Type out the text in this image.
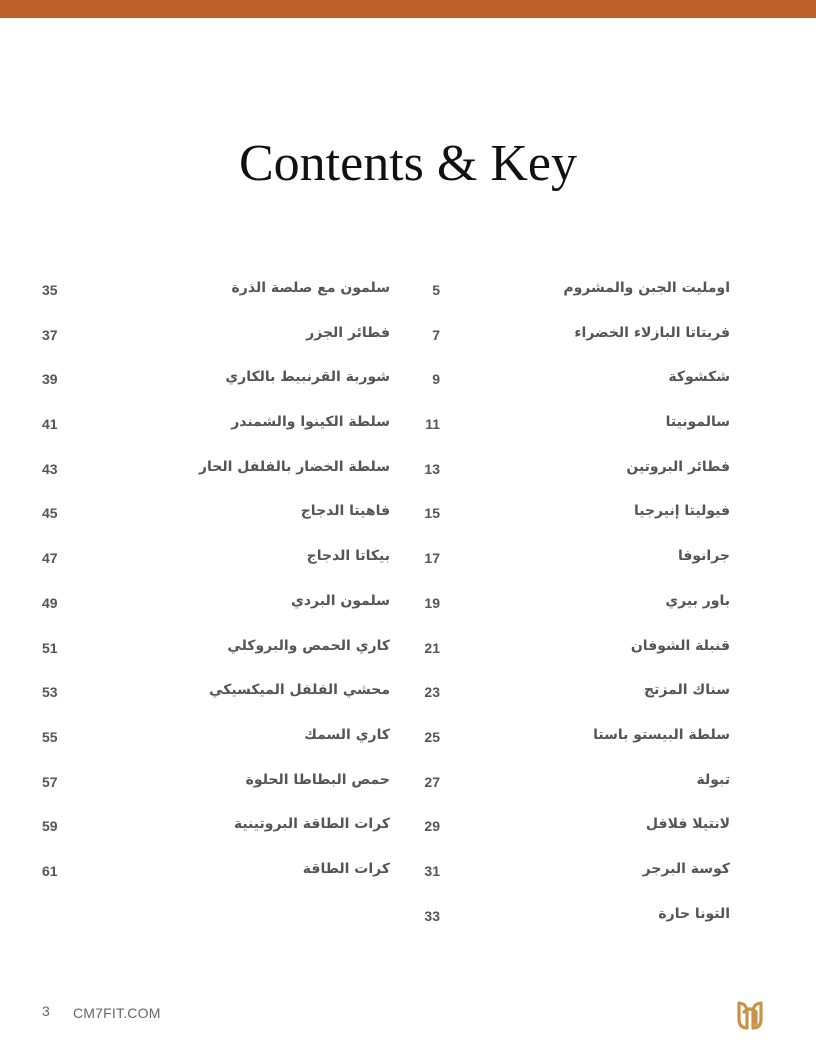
Contents & Key
اومليت الجبن والمشروم
5
فريتاتا البازلاء الخضراء
7
شكشوكة
9
سالمونيتا
11
فطائر البروتين
13
فيوليتا إنيرجيا
15
جرانوفا
17
باور بيري
19
قنبلة الشوفان
21
سناك المزتج
23
سلطة البيستو باستا
25
تبولة
27
لانتيلا فلافل
29
كوسة البرجر
31
التونا حارة
33
سلمون مع صلصة الذرة
35
فطائر الجزر
37
شوربة القرنبيط بالكاري
39
سلطة الكينوا والشمندر
41
سلطة الخضار بالفلفل الحار
43
فاهيتا الدجاج
45
بيكاتا الدجاج
47
سلمون البردي
49
كاري الحمص والبروكلي
51
محشي الفلفل الميكسيكي
53
كاري السمك
55
حمص البطاطا الحلوة
57
كرات الطاقة البروتينية
59
كرات الطاقة
61
3 CM7FIT.COM
